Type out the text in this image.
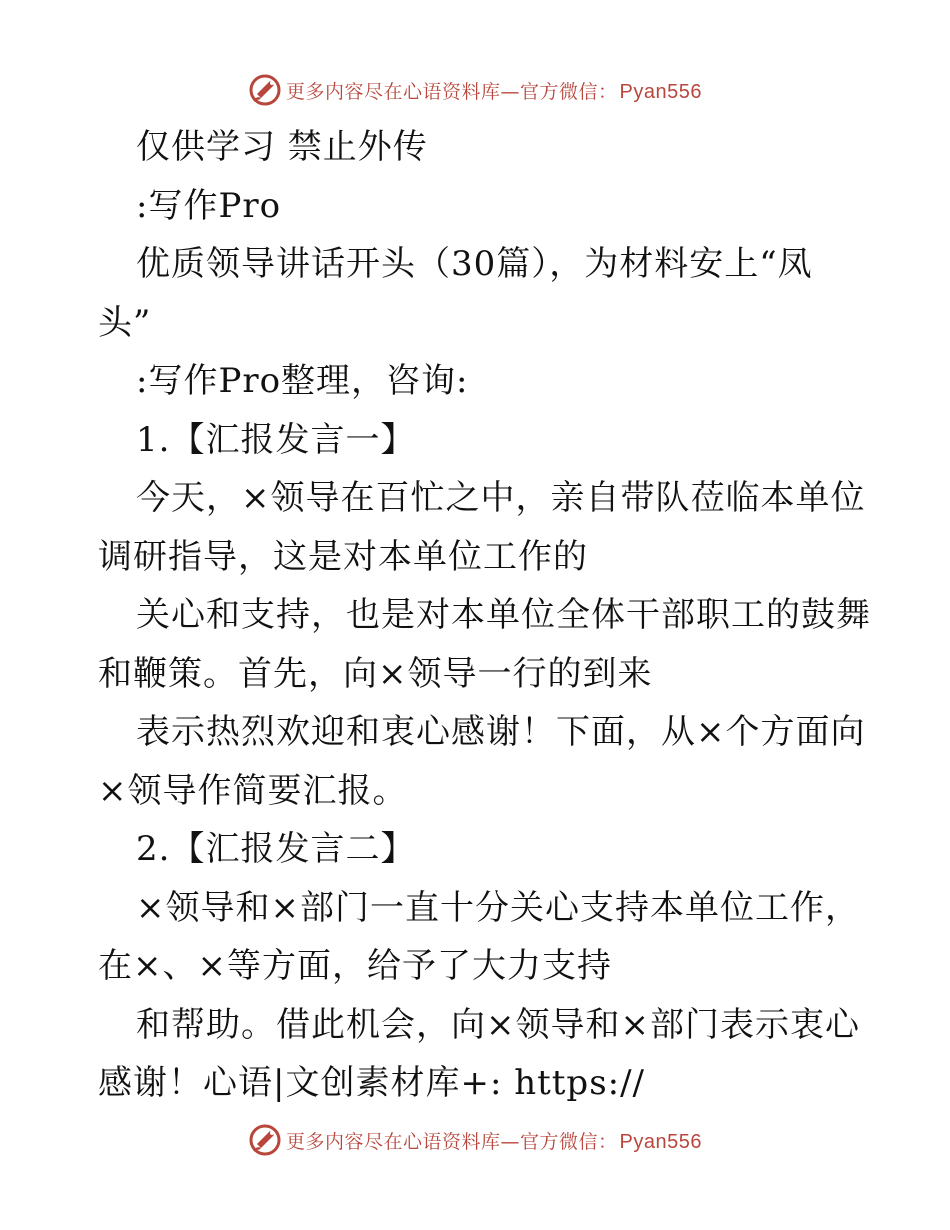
更多内容尽在心语资料库—官方微信： Pyan556
仅供学习 禁止外传
:写作Pro
优质领导讲话开头（30篇），为材料安上“凤
头”
:写作Pro整理，咨询:
1.【汇报发言一】
今天，×领导在百忙之中，亲自带队莅临本单位
调研指导，这是对本单位工作的
关心和支持，也是对本单位全体干部职工的鼓舞
和鞭策。首先，向×领导一行的到来
表示热烈欢迎和衷心感谢！下面，从×个方面向
×领导作简要汇报。
2.【汇报发言二】
×领导和×部门一直十分关心支持本单位工作，
在×、×等方面，给予了大力支持
和帮助。借此机会，向×领导和×部门表示衷心
感谢！心语|文创素材库+: https://
更多内容尽在心语资料库—官方微信： Pyan556
